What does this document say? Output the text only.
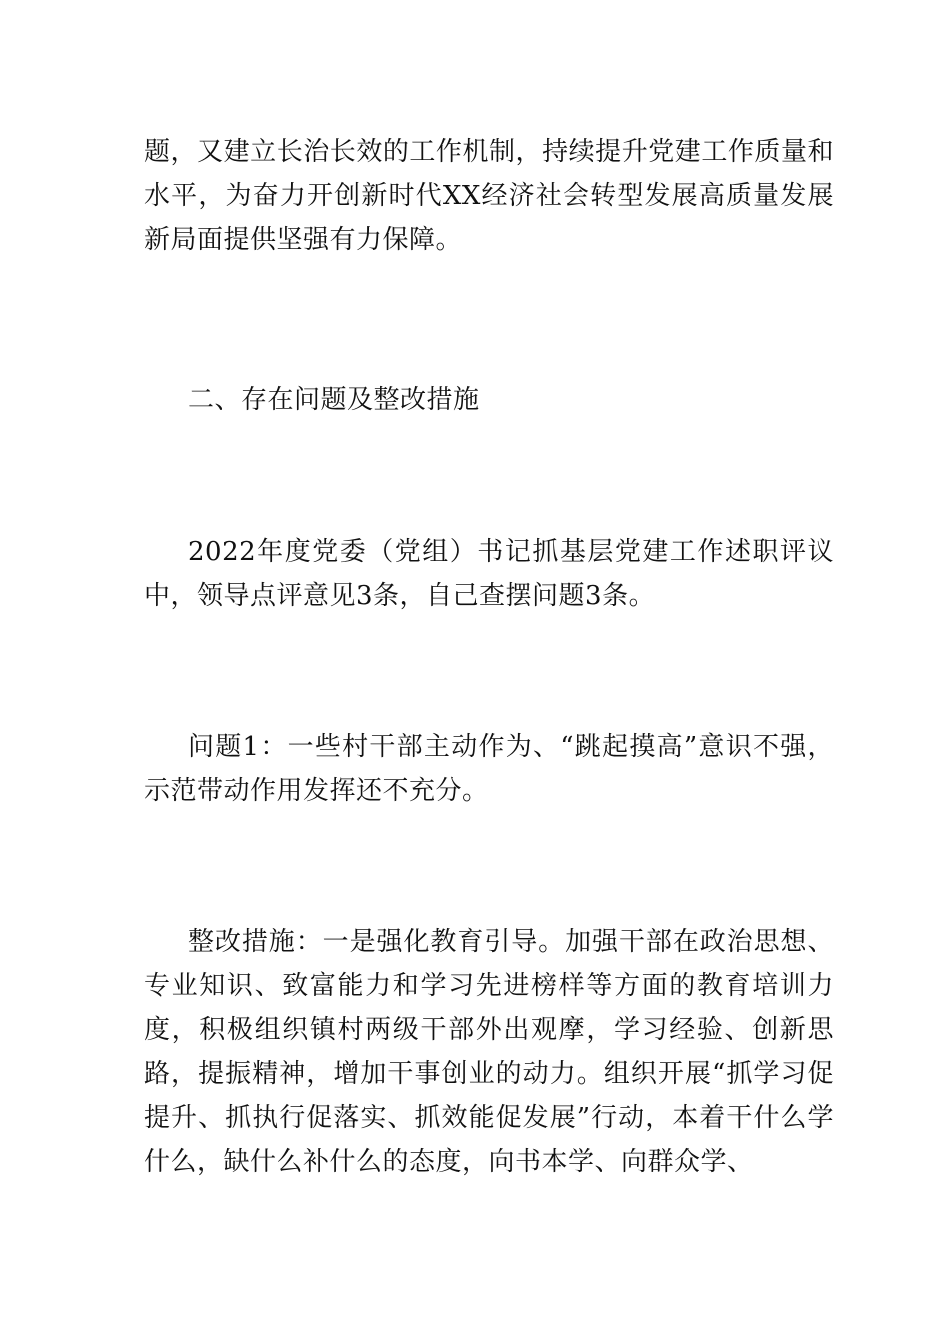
题，又建立长治长效的工作机制，持续提升党建工作质量和水平，为奋力开创新时代XX经济社会转型发展高质量发展新局面提供坚强有力保障。

二、存在问题及整改措施

2022年度党委（党组）书记抓基层党建工作述职评议中，领导点评意见3条，自己查摆问题3条。

问题1：一些村干部主动作为、“跳起摸高”意识不强，示范带动作用发挥还不充分。

整改措施：一是强化教育引导。加强干部在政治思想、专业知识、致富能力和学习先进榜样等方面的教育培训力度，积极组织镇村两级干部外出观摩，学习经验、创新思路，提振精神，增加干事创业的动力。组织开展“抓学习促提升、抓执行促落实、抓效能促发展”行动，本着干什么学什么，缺什么补什么的态度，向书本学、向群众学、
